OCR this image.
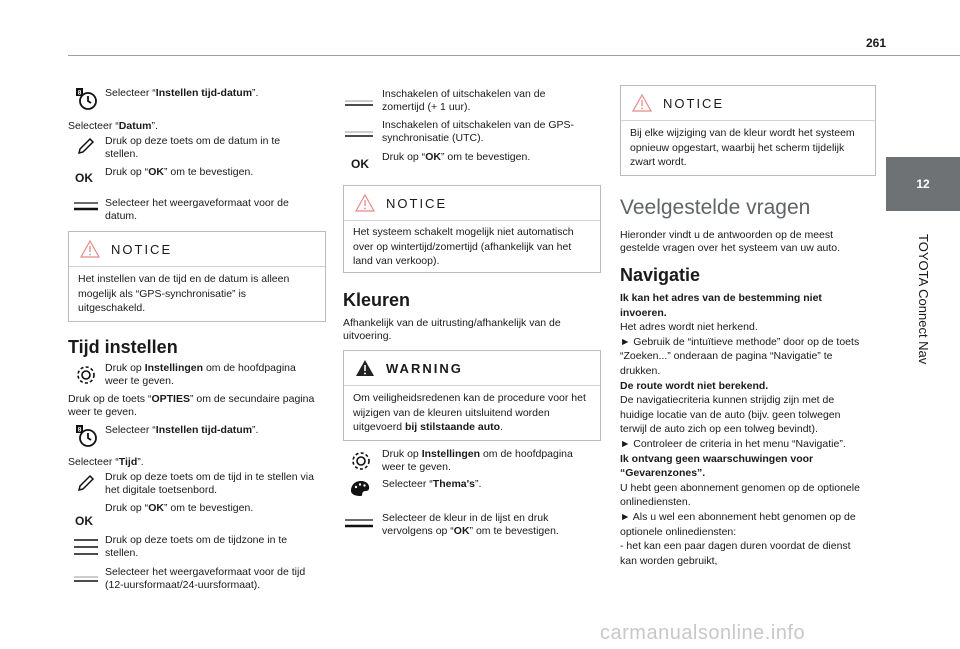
261
12
TOYOTA Connect Nav
8 Selecteer “Instellen tijd-datum”.
Selecteer “Datum”.
Druk op deze toets om de datum in te stellen.
OK Druk op “OK” om te bevestigen.
Selecteer het weergaveformaat voor de datum.
NOTICE
Het instellen van de tijd en de datum is alleen mogelijk als “GPS-synchronisatie” is uitgeschakeld.
Tijd instellen
Druk op Instellingen om de hoofdpagina weer te geven.
Druk op de toets “OPTIES” om de secundaire pagina weer te geven.
8 Selecteer “Instellen tijd-datum”.
Selecteer “Tijd”.
Druk op deze toets om de tijd in te stellen via het digitale toetsenbord.
OK
Druk op “OK” om te bevestigen.
Druk op deze toets om de tijdzone in te stellen.
Selecteer het weergaveformaat voor de tijd (12-uursformaat/24-uursformaat).
Inschakelen of uitschakelen van de zomertijd (+ 1 uur).
Inschakelen of uitschakelen van de GPS-synchronisatie (UTC).
OK Druk op “OK” om te bevestigen.
NOTICE
Het systeem schakelt mogelijk niet automatisch over op wintertijd/zomertijd (afhankelijk van het land van verkoop).
Kleuren
Afhankelijk van de uitrusting/afhankelijk van de uitvoering.
WARNING
Om veiligheidsredenen kan de procedure voor het wijzigen van de kleuren uitsluitend worden uitgevoerd bij stilstaande auto.
Druk op Instellingen om de hoofdpagina weer te geven.
Selecteer “Thema's”.
Selecteer de kleur in de lijst en druk vervolgens op “OK” om te bevestigen.
NOTICE
Bij elke wijziging van de kleur wordt het systeem opnieuw opgestart, waarbij het scherm tijdelijk zwart wordt.
Veelgestelde vragen
Hieronder vindt u de antwoorden op de meest gestelde vragen over het systeem van uw auto.
Navigatie
Ik kan het adres van de bestemming niet invoeren.
Het adres wordt niet herkend.
► Gebruik de “intuïtieve methode” door op de toets “Zoeken...” onderaan de pagina “Navigatie” te drukken.
De route wordt niet berekend.
De navigatiecriteria kunnen strijdig zijn met de huidige locatie van de auto (bijv. geen tolwegen terwijl de auto zich op een tolweg bevindt).
► Controleer de criteria in het menu “Navigatie”.
Ik ontvang geen waarschuwingen voor “Gevarenzones”.
U hebt geen abonnement genomen op de optionele onlinediensten.
► Als u wel een abonnement hebt genomen op de optionele onlinediensten:
- het kan een paar dagen duren voordat de dienst kan worden gebruikt,
carmanualsonline.info
